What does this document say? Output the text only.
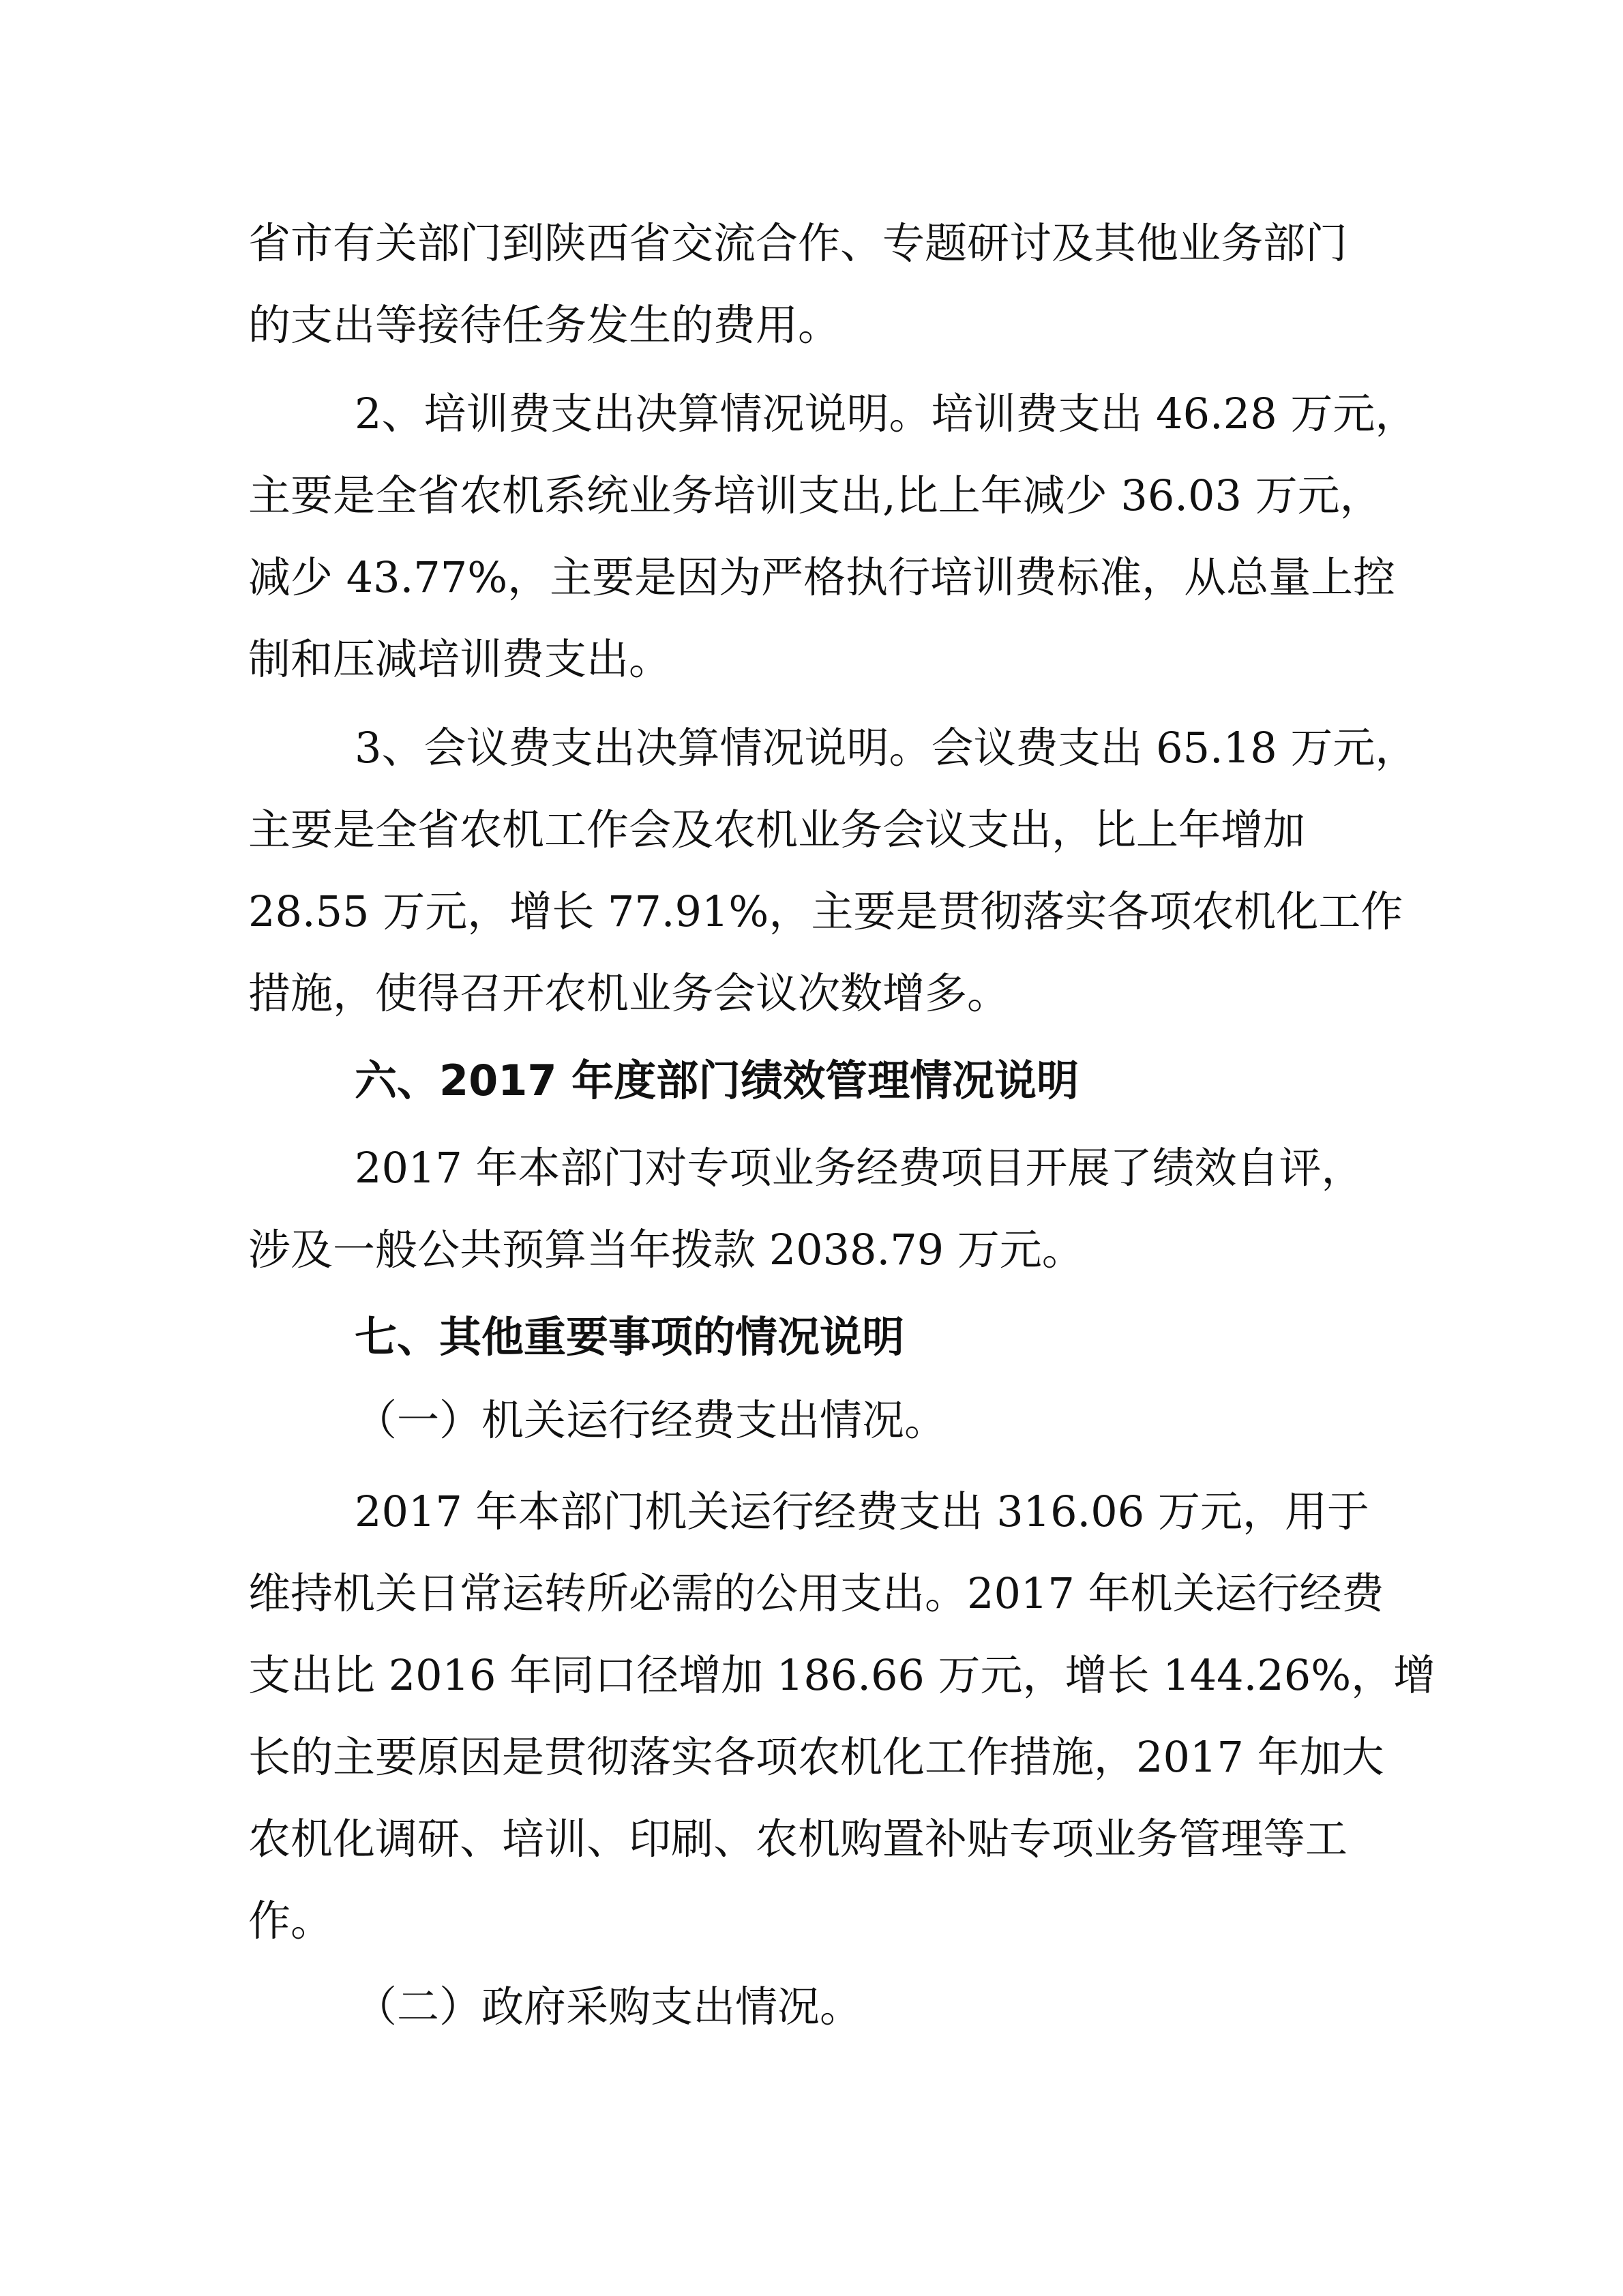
省市有关部门到陕西省交流合作、专题研讨及其他业务部门
的支出等接待任务发生的费用。
2、培训费支出决算情况说明。培训费支出 46.28 万元，
主要是全省农机系统业务培训支出,比上年减少 36.03 万元，
减少 43.77%，主要是因为严格执行培训费标准，从总量上控
制和压减培训费支出。
3、会议费支出决算情况说明。会议费支出 65.18 万元，
主要是全省农机工作会及农机业务会议支出，比上年增加
28.55 万元，增长 77.91%，主要是贯彻落实各项农机化工作
措施，使得召开农机业务会议次数增多。
六、2017 年度部门绩效管理情况说明
2017 年本部门对专项业务经费项目开展了绩效自评，
涉及一般公共预算当年拨款 2038.79 万元。
七、其他重要事项的情况说明
（一）机关运行经费支出情况。
2017 年本部门机关运行经费支出 316.06 万元，用于
维持机关日常运转所必需的公用支出。2017 年机关运行经费
支出比 2016 年同口径增加 186.66 万元，增长 144.26%，增
长的主要原因是贯彻落实各项农机化工作措施，2017 年加大
农机化调研、培训、印刷、农机购置补贴专项业务管理等工
作。
（二）政府采购支出情况。
